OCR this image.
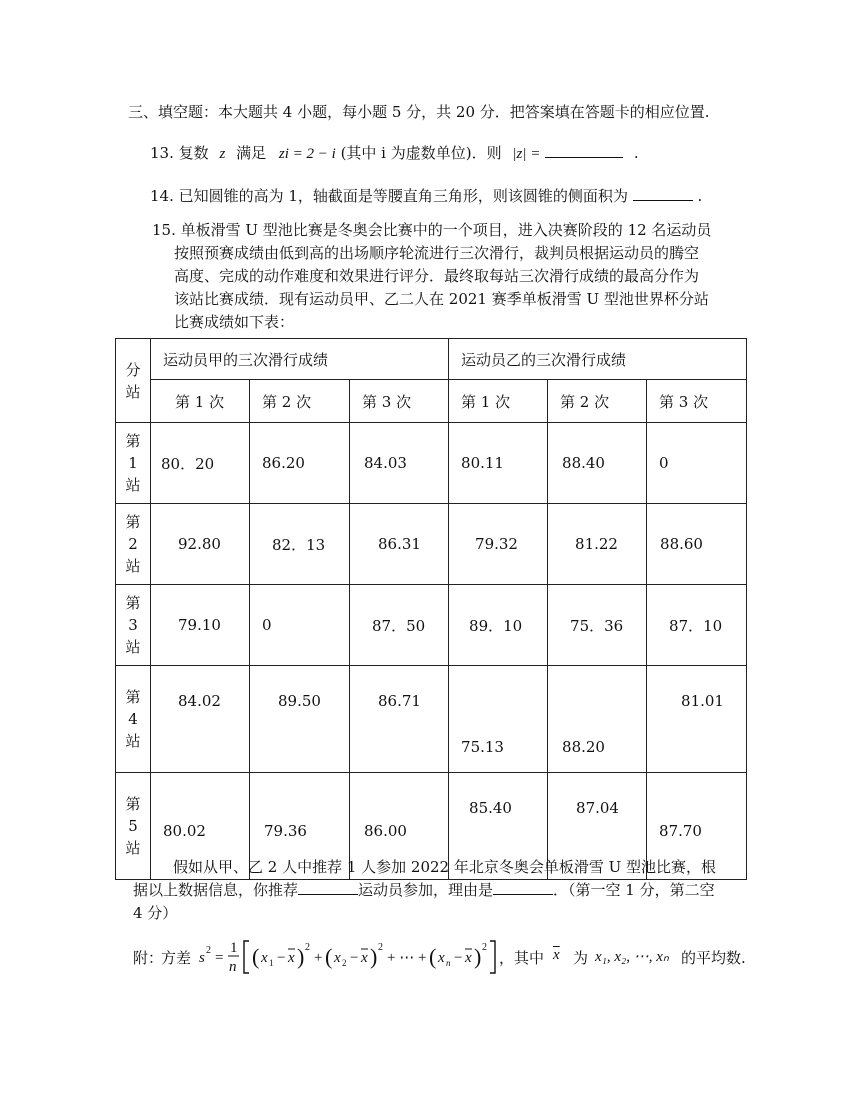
三、填空题：本大题共 4 小题，每小题 5 分，共 20 分．把答案填在答题卡的相应位置.
13. 复数 z 满足 zi = 2 − i (其中 i 为虚数单位)．则 |z| =	.
14. 已知圆锥的高为 1，轴截面是等腰直角三角形，则该圆锥的侧面积为	.
15. 单板滑雪 U 型池比赛是冬奥会比赛中的一个项目，进入决赛阶段的 12 名运动员
按照预赛成绩由低到高的出场顺序轮流进行三次滑行，裁判员根据运动员的腾空
高度、完成的动作难度和效果进行评分．最终取每站三次滑行成绩的最高分作为
该站比赛成绩．现有运动员甲、乙二人在 2021 赛季单板滑雪 U 型池世界杯分站
比赛成绩如下表：
分站	运动员甲的三次滑行成绩			运动员乙的三次滑行成绩		
	第 1 次	第 2 次	第 3 次	第 1 次	第 2 次	第 3 次
第1站	80．20	86.20	84.03	80.11	88.40	0
第2站	92.80	82．13	86.31	79.32	81.22	88.60
第3站	79.10	0	87．50	89．10	75．36	87．10
第4站	84.02	89.50	86.71	75.13	88.20	81.01
第5站	80.02	79.36	86.00	85.40	87.04	87.70
假如从甲、乙 2 人中推荐 1 人参加 2022 年北京冬奥会单板滑雪 U 型池比赛，根
据以上数据信息，你推荐	运动员参加，理由是	．（第一空 1 分，第二空
4 分）
附：
方差 s 2 =
1
n ( x 1 − x ) 2
+ ( x 2 − x ) 2
+ ⋯ + ( x n − x ) 2
，其中 $\overline{x}$ 为 x₁, x₂, ⋯, xₙ 的平均数.
